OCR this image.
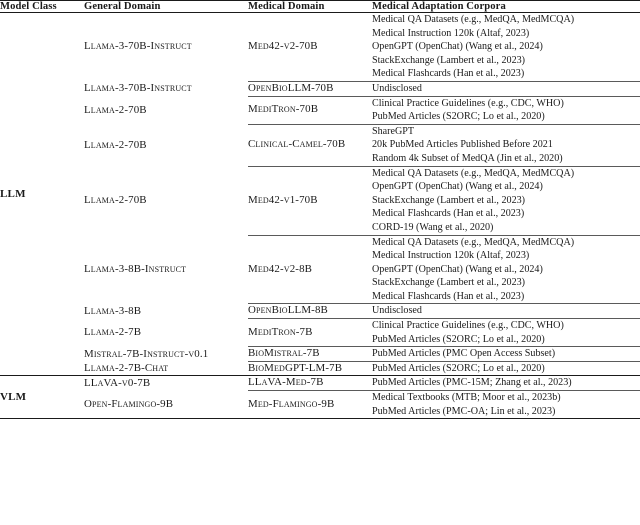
Model Class	General Domain	Medical Domain	Medical Adaptation Corpora

LLM	Llama-3-70B-Instruct	Med42-v2-70B	Medical QA Datasets (e.g., MedQA, MedMCQA)
Medical Instruction 120k (Altaf, 2023)
OpenGPT (OpenChat) (Wang et al., 2024)
StackExchange (Lambert et al., 2023)
Medical Flashcards (Han et al., 2023)

	Llama-3-70B-Instruct	OpenBioLLM-70B	Undisclosed

	Llama-2-70B	MediTron-70B	Clinical Practice Guidelines (e.g., CDC, WHO)
PubMed Articles (S2ORC; Lo et al., 2020)

	Llama-2-70B	Clinical-Camel-70B	ShareGPT
20k PubMed Articles Published Before 2021
Random 4k Subset of MedQA (Jin et al., 2020)

	Llama-2-70B	Med42-v1-70B	Medical QA Datasets (e.g., MedQA, MedMCQA)
OpenGPT (OpenChat) (Wang et al., 2024)
StackExchange (Lambert et al., 2023)
Medical Flashcards (Han et al., 2023)
CORD-19 (Wang et al., 2020)

	Llama-3-8B-Instruct	Med42-v2-8B	Medical QA Datasets (e.g., MedQA, MedMCQA)
Medical Instruction 120k (Altaf, 2023)
OpenGPT (OpenChat) (Wang et al., 2024)
StackExchange (Lambert et al., 2023)
Medical Flashcards (Han et al., 2023)

	Llama-3-8B	OpenBioLLM-8B	Undisclosed

	Llama-2-7B	MediTron-7B	Clinical Practice Guidelines (e.g., CDC, WHO)
PubMed Articles (S2ORC; Lo et al., 2020)

	Mistral-7B-Instruct-v0.1	BioMistral-7B	PubMed Articles (PMC Open Access Subset)

	Llama-2-7B-Chat	BioMedGPT-LM-7B	PubMed Articles (S2ORC; Lo et al., 2020)

VLM	LLaVA-v0-7B	LLaVA-Med-7B	PubMed Articles (PMC-15M; Zhang et al., 2023)

	Open-Flamingo-9B	Med-Flamingo-9B	Medical Textbooks (MTB; Moor et al., 2023b)
PubMed Articles (PMC-OA; Lin et al., 2023)
